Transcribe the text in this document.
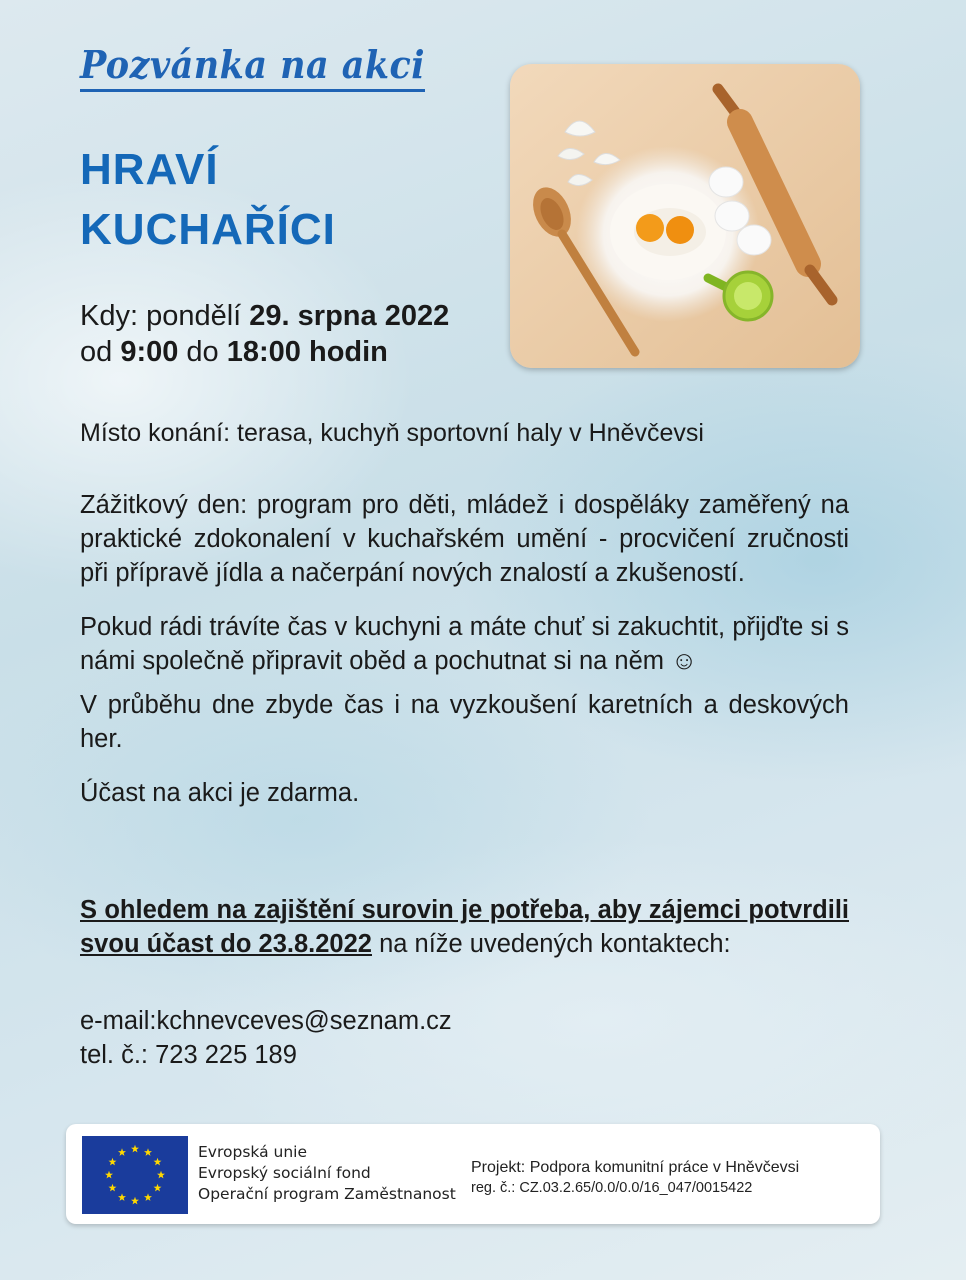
Pozvánka na akci
HRAVÍ
KUCHAŘÍCI
Kdy: pondělí 29. srpna 2022
od 9:00 do 18:00 hodin
Místo konání: terasa, kuchyň sportovní haly v Hněvčevsi

Zážitkový den: program pro děti, mládež i dospěláky zaměřený na praktické zdokonalení v kuchařském umění - procvičení zručnosti při přípravě jídla a načerpání nových znalostí a zkušeností.

Pokud rádi trávíte čas v kuchyni a máte chuť si zakuchtit, přijďte si s námi společně připravit oběd a pochutnat si na něm ☺

V průběhu dne zbyde čas i na vyzkoušení karetních a deskových her.

Účast na akci je zdarma.

S ohledem na zajištění surovin je potřeba, aby zájemci potvrdili svou účast do 23.8.2022 na níže uvedených kontaktech:
e-mail:kchnevceves@seznam.cz
tel. č.: 723 225 189
Evropská unie
Evropský sociální fond
Operační program Zaměstnanost
Projekt: Podpora komunitní práce v Hněvčevsi
reg. č.: CZ.03.2.65/0.0/0.0/16_047/0015422
